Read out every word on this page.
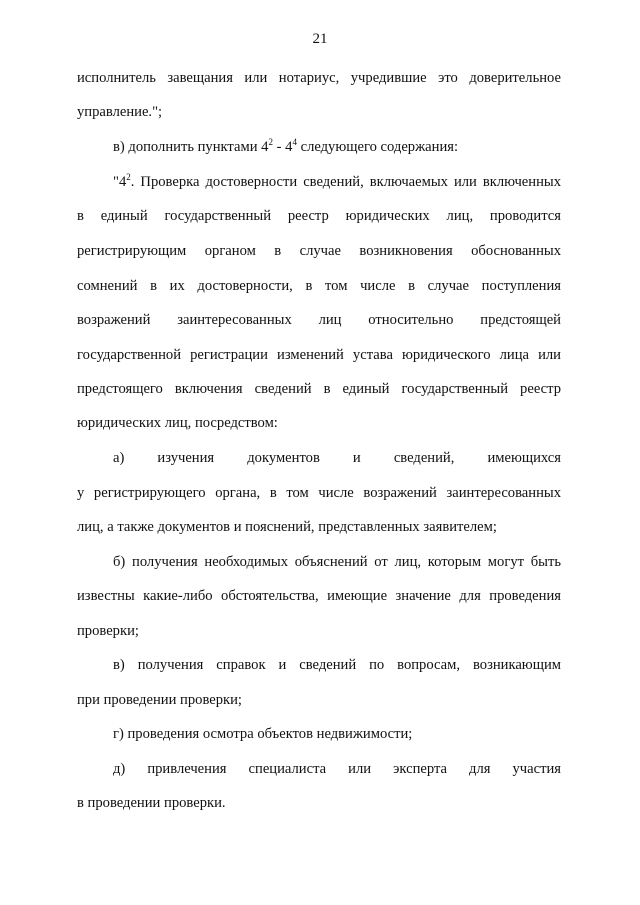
21
исполнитель завещания или нотариус, учредившие это доверительное
управление.";
в) дополнить пунктами $4^2 - 4^4$ следующего содержания:
"$4^2$. Проверка достоверности сведений, включаемых или включенных
в единый государственный реестр юридических лиц, проводится
регистрирующим органом в случае возникновения обоснованных
сомнений в их достоверности, в том числе в случае поступления
возражений заинтересованных лиц относительно предстоящей
государственной регистрации изменений устава юридического лица или
предстоящего включения сведений в единый государственный реестр
юридических лиц, посредством:
а) изучения документов и сведений, имеющихся
у регистрирующего органа, в том числе возражений заинтересованных
лиц, а также документов и пояснений, представленных заявителем;
б) получения необходимых объяснений от лиц, которым могут быть
известны какие-либо обстоятельства, имеющие значение для проведения
проверки;
в) получения справок и сведений по вопросам, возникающим
при проведении проверки;
г) проведения осмотра объектов недвижимости;
д) привлечения специалиста или эксперта для участия
в проведении проверки.
